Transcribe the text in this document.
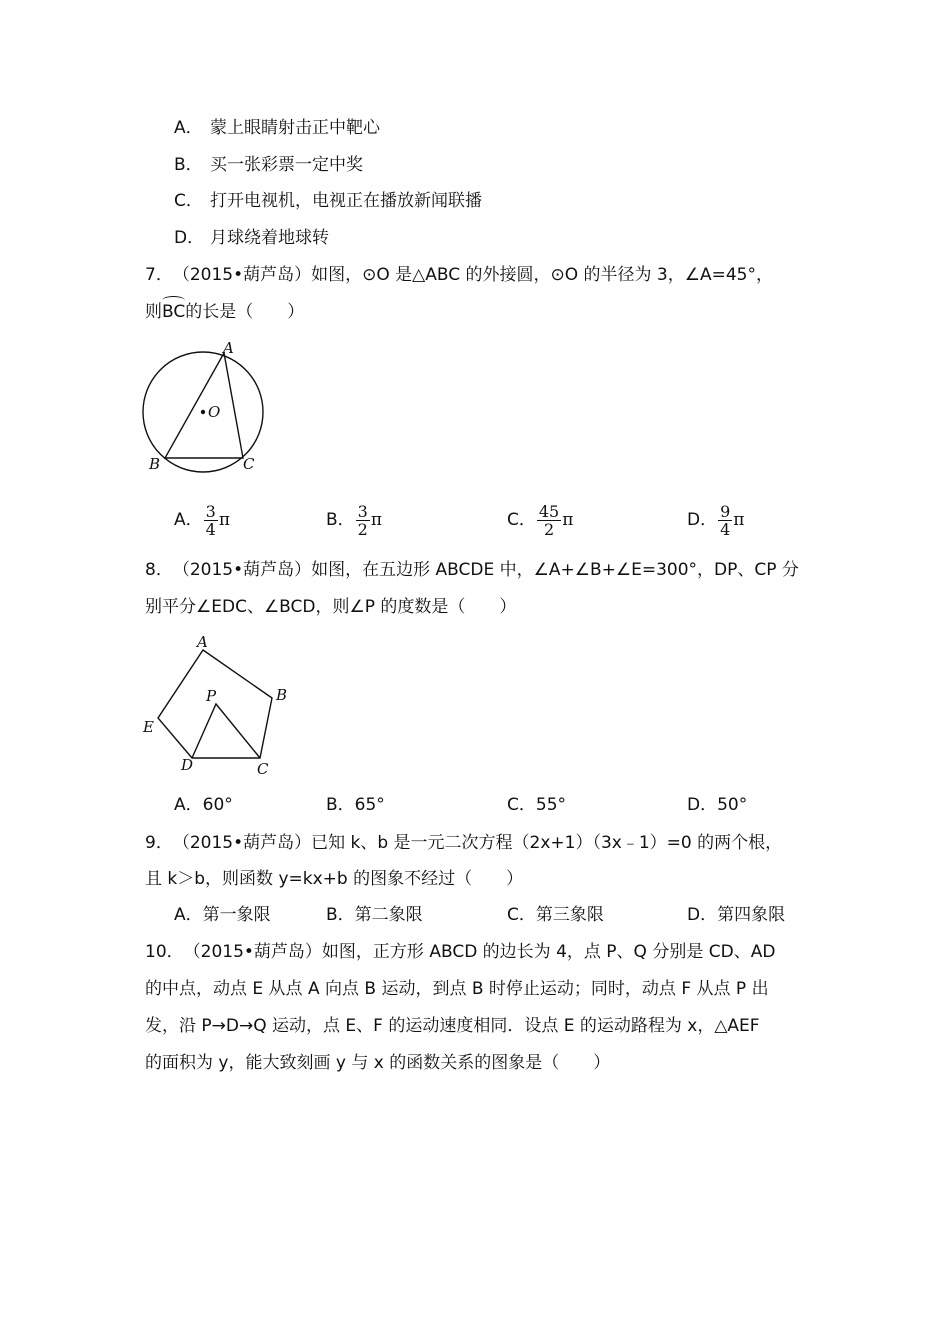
A． 蒙上眼睛射击正中靶心
B． 买一张彩票一定中奖
C． 打开电视机，电视正在播放新闻联播
D． 月球绕着地球转
7．　（2015•葫芦岛）如图，⊙O 是△ABC 的外接圆，⊙O 的半径为 3，∠A=45°，
则BC的长是（　　）
O
A
B	C
A． $\frac{3}{4}$ π	B． $\frac{3}{2}$ π	C． $\frac{45}{2}$ π	D． $\frac{9}{4}$ π
8．　（2015•葫芦岛）如图，在五边形 ABCDE 中，∠A+∠B+∠E=300°，DP、CP 分
别平分∠EDC、∠BCD，则∠P 的度数是（　　）
A
B
C
D
E
P
A．60°	B．65°	C．55°	D．50°
9．　（2015•葫芦岛）已知 k、b 是一元二次方程（2x+1）（3x﹣1）=0 的两个根，
且 k＞b，则函数 y=kx+b 的图象不经过（　　）
A．第一象限	B．第二象限	C．第三象限	D．第四象限
10．　（2015•葫芦岛）如图，正方形 ABCD 的边长为 4，点 P、Q 分别是 CD、AD
的中点，动点 E 从点 A 向点 B 运动，到点 B 时停止运动；同时，动点 F 从点 P 出
发，沿 P→D→Q 运动，点 E、F 的运动速度相同．设点 E 的运动路程为 x，△AEF
的面积为 y，能大致刻画 y 与 x 的函数关系的图象是（　　）
